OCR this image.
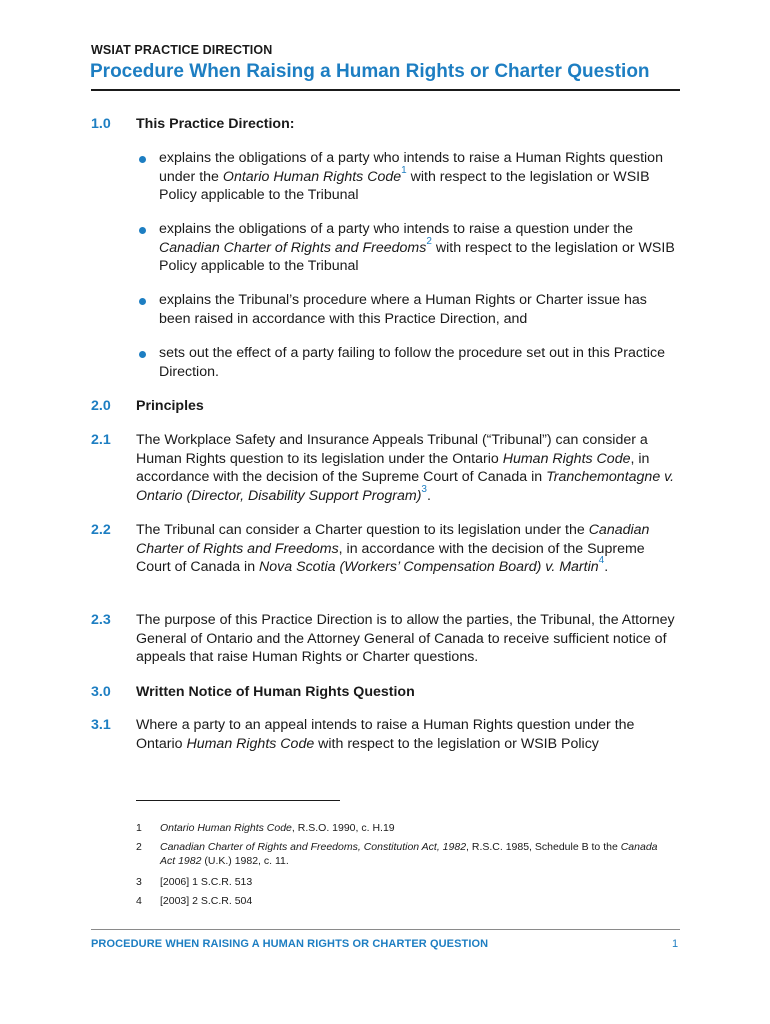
WSIAT PRACTICE DIRECTION
Procedure When Raising a Human Rights or Charter Question
1.0 This Practice Direction:
explains the obligations of a party who intends to raise a Human Rights question under the Ontario Human Rights Code$^1$ with respect to the legislation or WSIB Policy applicable to the Tribunal
explains the obligations of a party who intends to raise a question under the Canadian Charter of Rights and Freedoms$^2$ with respect to the legislation or WSIB Policy applicable to the Tribunal
explains the Tribunal’s procedure where a Human Rights or Charter issue has been raised in accordance with this Practice Direction, and
sets out the effect of a party failing to follow the procedure set out in this Practice Direction.
2.0 Principles
2.1 The Workplace Safety and Insurance Appeals Tribunal (“Tribunal”) can consider a Human Rights question to its legislation under the Ontario Human Rights Code, in accordance with the decision of the Supreme Court of Canada in Tranchemontagne v. Ontario (Director, Disability Support Program)$^3$.
2.2 The Tribunal can consider a Charter question to its legislation under the Canadian Charter of Rights and Freedoms, in accordance with the decision of the Supreme Court of Canada in Nova Scotia (Workers’ Compensation Board) v. Martin$^4$.
2.3 The purpose of this Practice Direction is to allow the parties, the Tribunal, the Attorney General of Ontario and the Attorney General of Canada to receive sufficient notice of appeals that raise Human Rights or Charter questions.
3.0 Written Notice of Human Rights Question
3.1 Where a party to an appeal intends to raise a Human Rights question under the Ontario Human Rights Code with respect to the legislation or WSIB Policy
1 Ontario Human Rights Code, R.S.O. 1990, c. H.19
2 Canadian Charter of Rights and Freedoms, Constitution Act, 1982, R.S.C. 1985, Schedule B to the Canada Act 1982 (U.K.) 1982, c. 11.
3 [2006] 1 S.C.R. 513
4 [2003] 2 S.C.R. 504
PROCEDURE WHEN RAISING A HUMAN RIGHTS OR CHARTER QUESTION	1
